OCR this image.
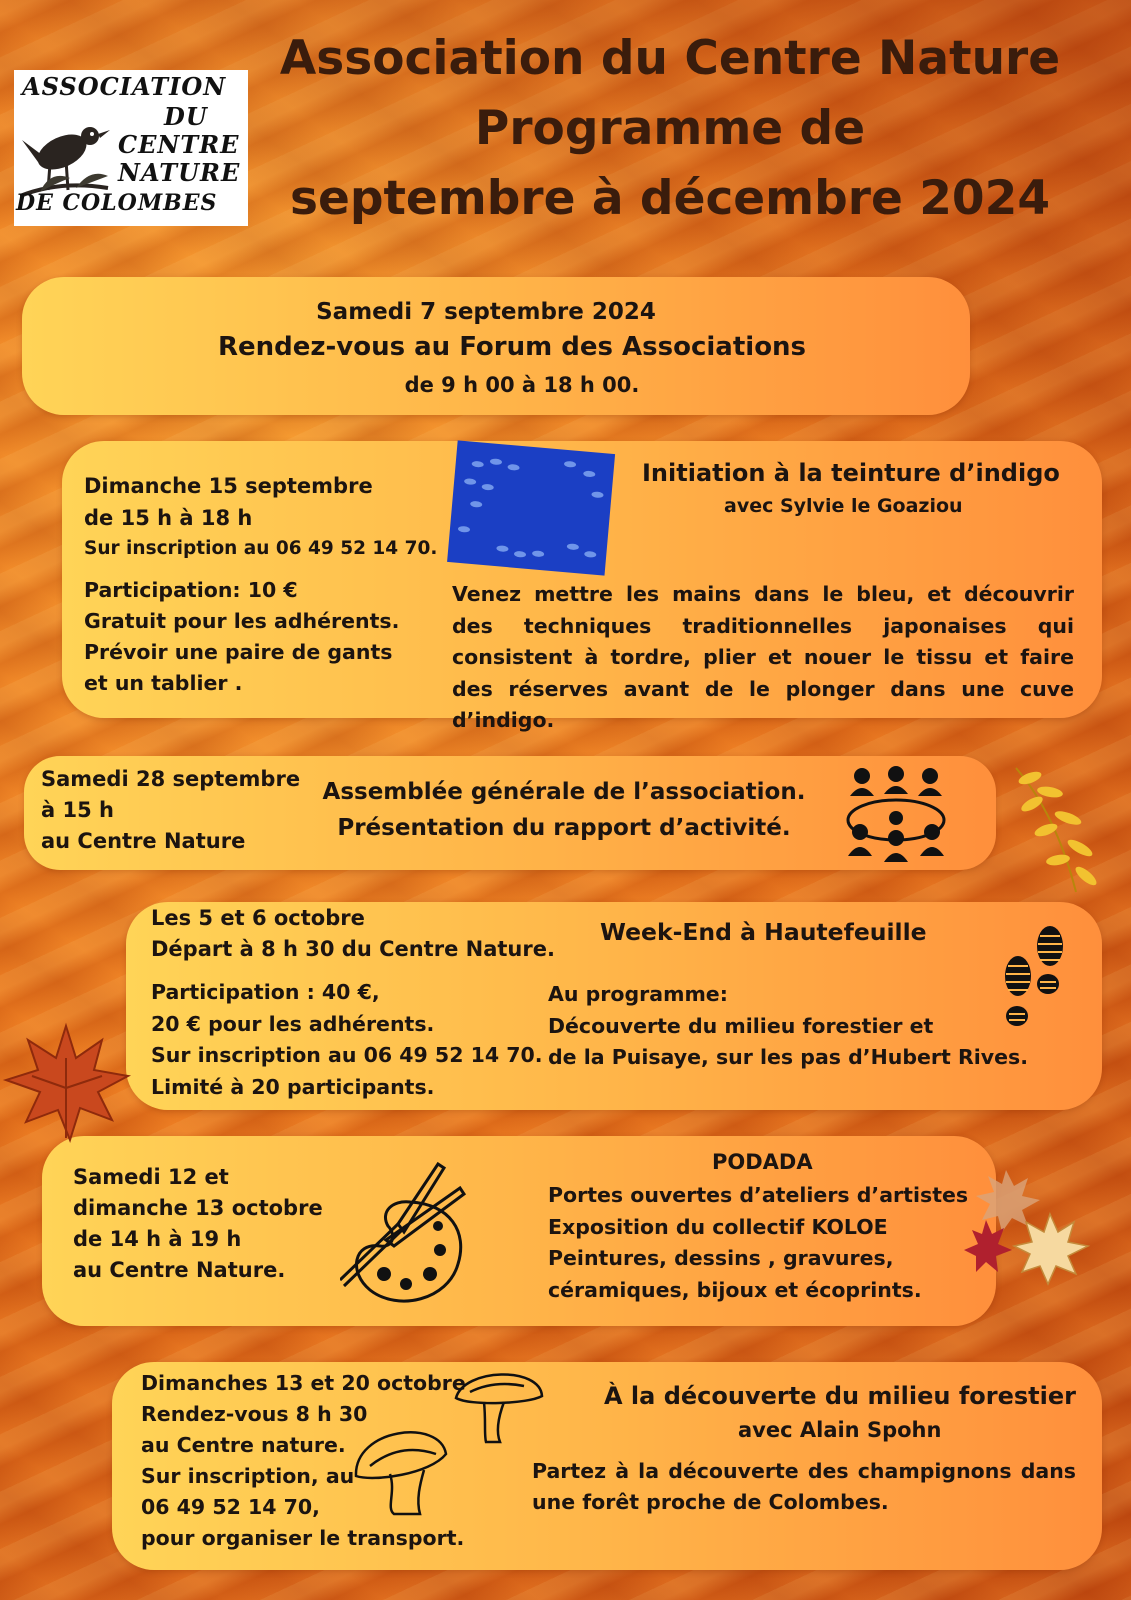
ASSOCIATION
DU
CENTRE
NATURE
DE COLOMBES
Association du Centre Nature
Programme de
septembre à décembre 2024
Samedi 7 septembre 2024
Rendez-vous au Forum des Associations
de 9 h 00 à 18 h 00.
Dimanche 15 septembre
de 15 h à 18 h
Sur inscription au 06 49 52 14 70.
Participation: 10 €
Gratuit pour les adhérents.
Prévoir une paire de gants
et un tablier .
Initiation à la teinture d’indigo
avec Sylvie le Goaziou
Venez mettre les mains dans le bleu, et découvrir des techniques traditionnelles japonaises qui consistent à tordre, plier et nouer le tissu et faire des réserves avant de le plonger dans une cuve d’indigo.
Samedi 28 septembre
à 15 h
au Centre Nature
Assemblée générale de l’association.
Présentation du rapport d’activité.
Les 5 et 6 octobre
Départ à 8 h 30 du Centre Nature.
Participation : 40 €,
20 € pour les adhérents.
Sur inscription au 06 49 52 14 70.
Limité à 20 participants.
Week-End à Hautefeuille
Au programme:
Découverte du milieu forestier et
de la Puisaye, sur les pas d’Hubert Rives.
Samedi 12 et
dimanche 13 octobre
de 14 h à 19 h
au Centre Nature.
PODADA
Portes ouvertes d’ateliers d’artistes
Exposition du collectif KOLOE
Peintures, dessins , gravures,
céramiques, bijoux et écoprints.
Dimanches 13 et 20 octobre
Rendez-vous 8 h 30
au Centre nature.
Sur inscription, au
06 49 52 14 70,
pour organiser le transport.
À la découverte du milieu forestier
avec Alain Spohn
Partez à la découverte des champignons dans une forêt proche de Colombes.
